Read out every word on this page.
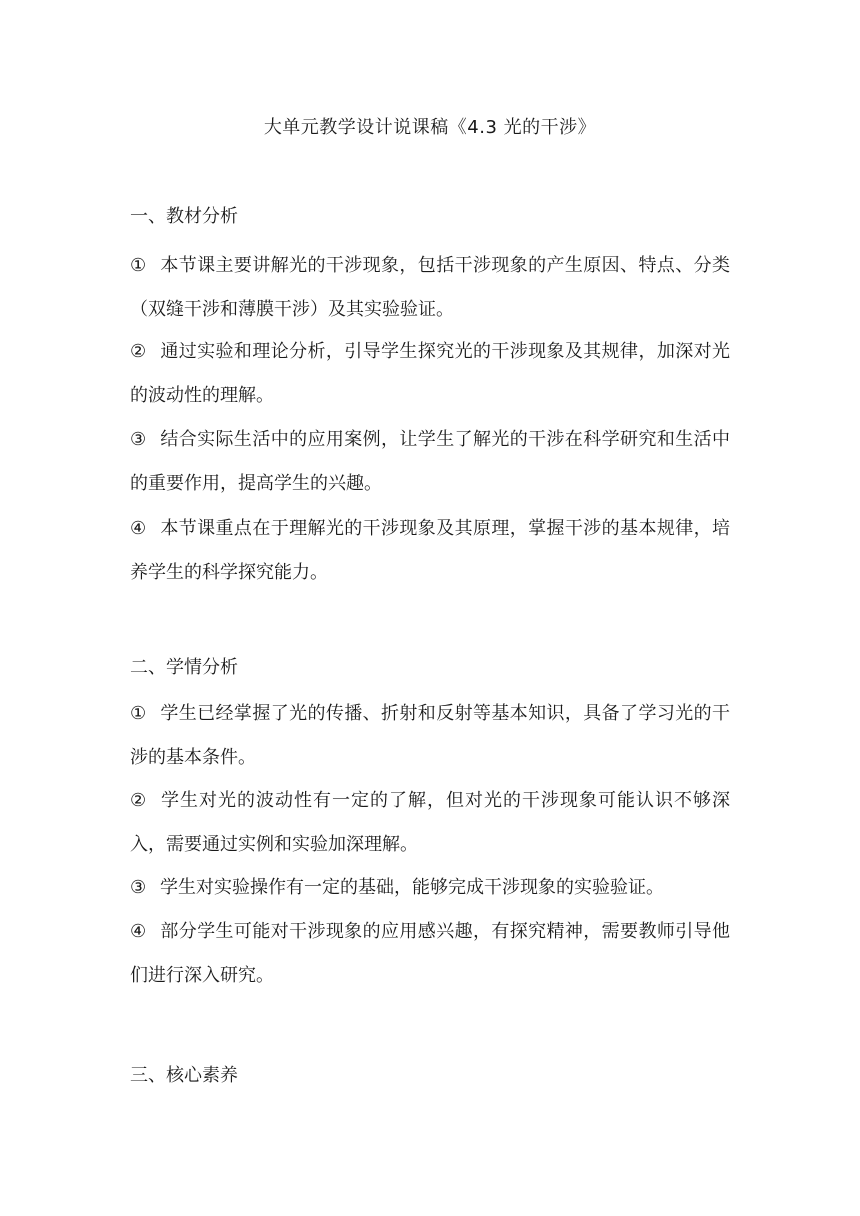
大单元教学设计说课稿《4.3 光的干涉》
一、教材分析

① 本节课主要讲解光的干涉现象，包括干涉现象的产生原因、特点、分类（双缝干涉和薄膜干涉）及其实验验证。

② 通过实验和理论分析，引导学生探究光的干涉现象及其规律，加深对光的波动性的理解。

③ 结合实际生活中的应用案例，让学生了解光的干涉在科学研究和生活中的重要作用，提高学生的兴趣。

④ 本节课重点在于理解光的干涉现象及其原理，掌握干涉的基本规律，培养学生的科学探究能力。

二、学情分析

① 学生已经掌握了光的传播、折射和反射等基本知识，具备了学习光的干涉的基本条件。

② 学生对光的波动性有一定的了解，但对光的干涉现象可能认识不够深入，需要通过实例和实验加深理解。

③ 学生对实验操作有一定的基础，能够完成干涉现象的实验验证。

④ 部分学生可能对干涉现象的应用感兴趣，有探究精神，需要教师引导他们进行深入研究。

三、核心素养
